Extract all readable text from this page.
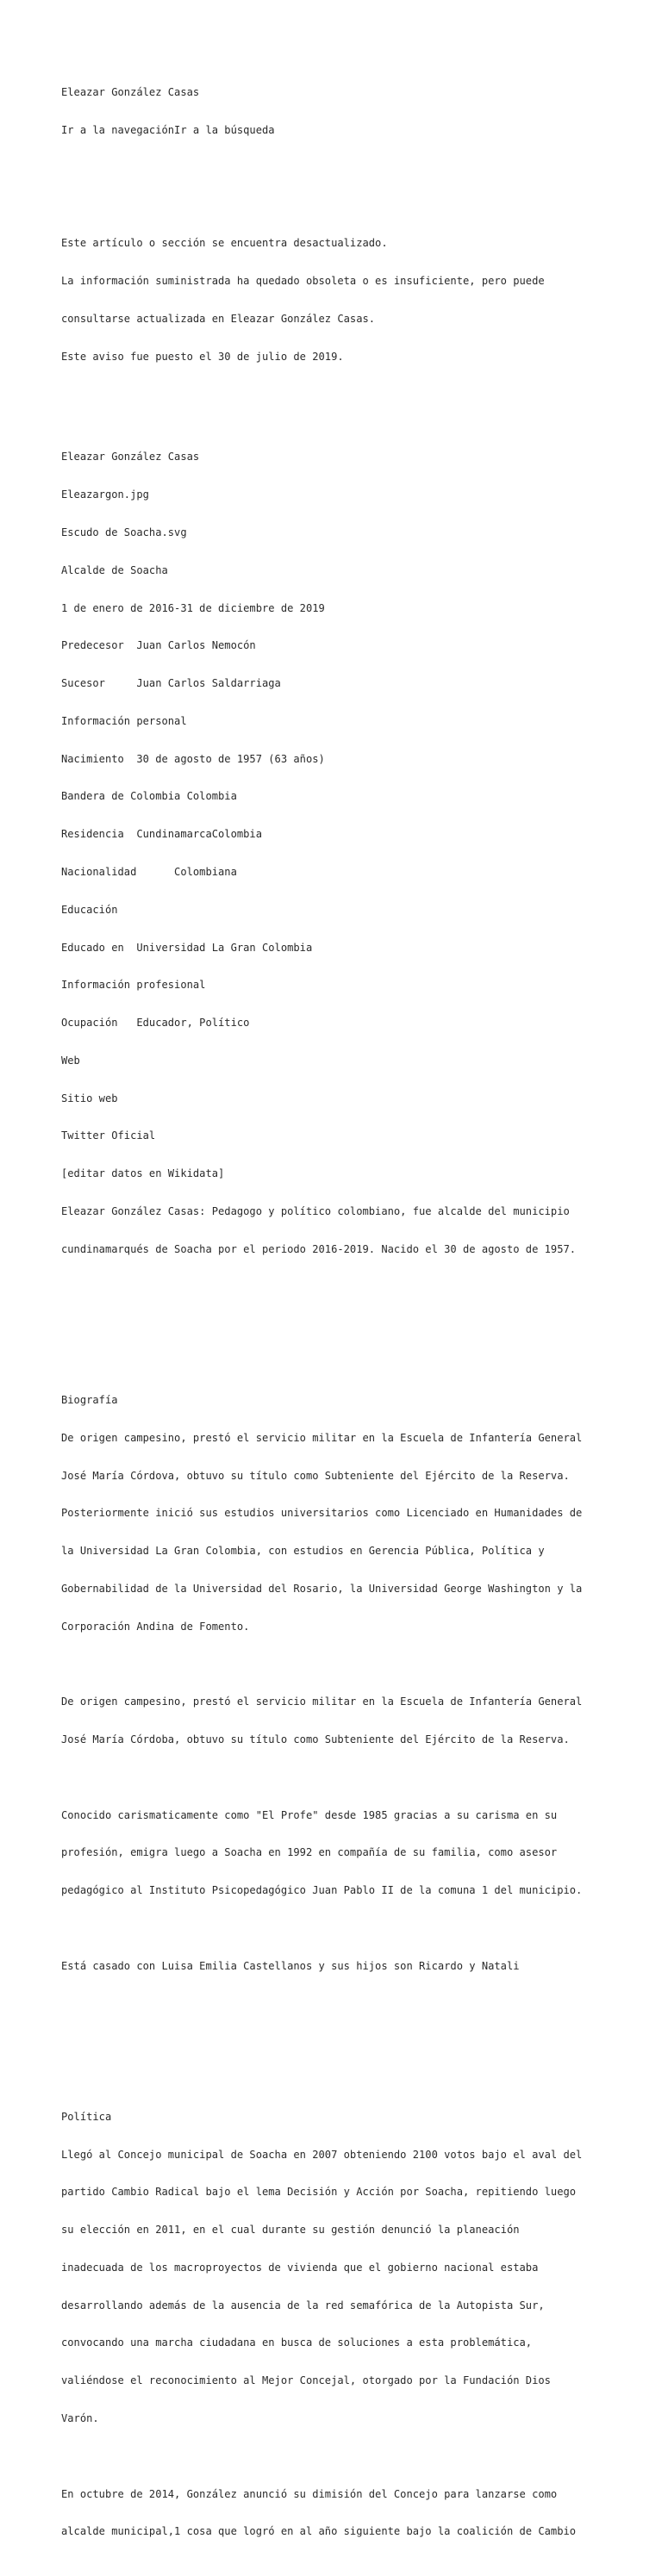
Eleazar González Casas

Ir a la navegaciónIr a la búsqueda

Este artículo o sección se encuentra desactualizado.

La información suministrada ha quedado obsoleta o es insuficiente, pero puede

consultarse actualizada en Eleazar González Casas.

Este aviso fue puesto el 30 de julio de 2019.

Eleazar González Casas

Eleazargon.jpg

Escudo de Soacha.svg

Alcalde de Soacha

1 de enero de 2016-31 de diciembre de 2019

Predecesor  Juan Carlos Nemocón

Sucesor     Juan Carlos Saldarriaga

Información personal

Nacimiento  30 de agosto de 1957 (63 años)

Bandera de Colombia Colombia

Residencia  CundinamarcaColombia

Nacionalidad      Colombiana

Educación

Educado en  Universidad La Gran Colombia

Información profesional

Ocupación   Educador, Político

Web

Sitio web

Twitter Oficial

[editar datos en Wikidata]

Eleazar González Casas: Pedagogo y político colombiano, fue alcalde del municipio

cundinamarqués de Soacha por el periodo 2016-2019. Nacido el 30 de agosto de 1957.

Biografía

De origen campesino, prestó el servicio militar en la Escuela de Infantería General

José María Córdova, obtuvo su título como Subteniente del Ejército de la Reserva.

Posteriormente inició sus estudios universitarios como Licenciado en Humanidades de

la Universidad La Gran Colombia, con estudios en Gerencia Pública, Política y

Gobernabilidad de la Universidad del Rosario, la Universidad George Washington y la

Corporación Andina de Fomento.

De origen campesino, prestó el servicio militar en la Escuela de Infantería General

José María Córdoba, obtuvo su título como Subteniente del Ejército de la Reserva.

Conocido carismaticamente como "El Profe" desde 1985 gracias a su carisma en su

profesión, emigra luego a Soacha en 1992 en compañía de su familia, como asesor

pedagógico al Instituto Psicopedagógico Juan Pablo II de la comuna 1 del municipio.

Está casado con Luisa Emilia Castellanos y sus hijos son Ricardo y Natali

Política

Llegó al Concejo municipal de Soacha en 2007 obteniendo 2100 votos bajo el aval del

partido Cambio Radical bajo el lema Decisión y Acción por Soacha, repitiendo luego

su elección en 2011, en el cual durante su gestión denunció la planeación

inadecuada de los macroproyectos de vivienda que el gobierno nacional estaba

desarrollando además de la ausencia de la red semafórica de la Autopista Sur,

convocando una marcha ciudadana en busca de soluciones a esta problemática,

valiéndose el reconocimiento al Mejor Concejal, otorgado por la Fundación Dios

Varón.

En octubre de 2014, González anunció su dimisión del Concejo para lanzarse como

alcalde municipal,1 cosa que logró en al año siguiente bajo la coalición de Cambio
